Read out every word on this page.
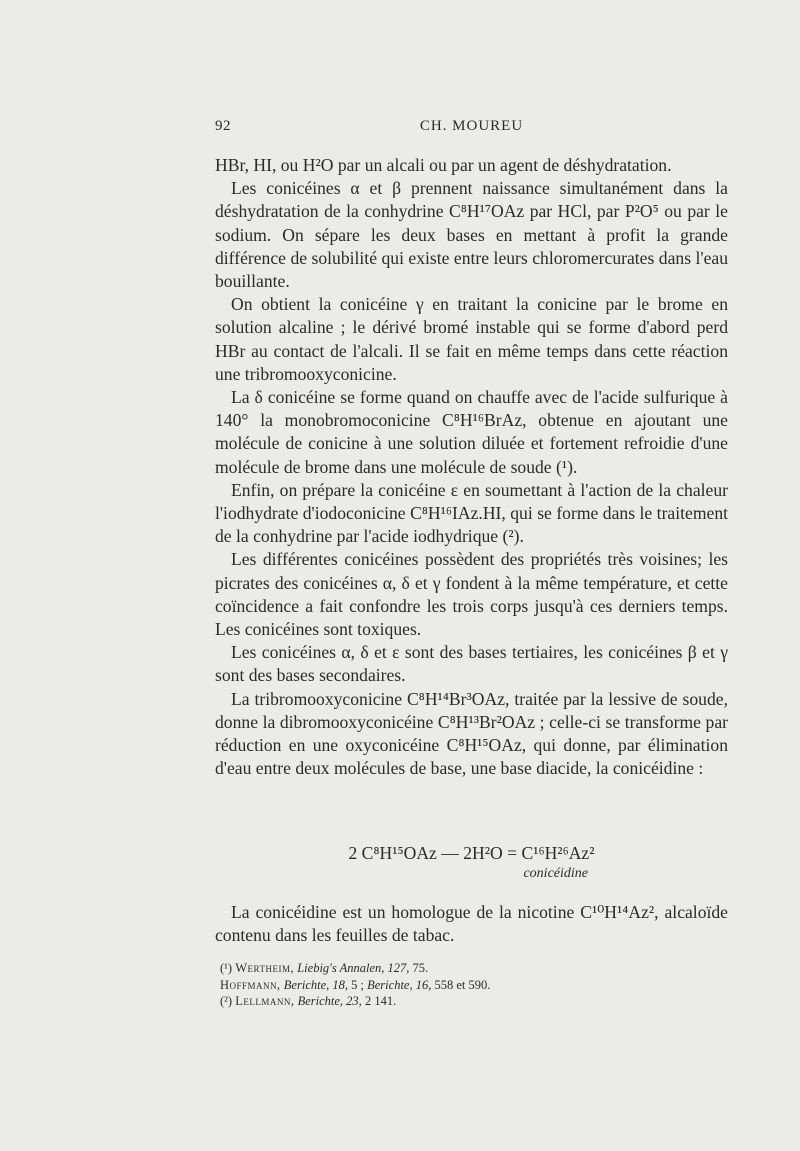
92	CH. MOUREU

HBr, HI, ou H²O par un alcali ou par un agent de déshydratation.

Les conicéines α et β prennent naissance simultanément dans la déshydratation de la conhydrine C⁸H¹⁷OAz par HCl, par P²O⁵ ou par le sodium. On sépare les deux bases en mettant à profit la grande différence de solubilité qui existe entre leurs chloromercurates dans l'eau bouillante.

On obtient la conicéine γ en traitant la conicine par le brome en solution alcaline ; le dérivé bromé instable qui se forme d'abord perd HBr au contact de l'alcali. Il se fait en même temps dans cette réaction une tribromooxyconicine.

La δ conicéine se forme quand on chauffe avec de l'acide sulfurique à 140° la monobromoconicine C⁸H¹⁶BrAz, obtenue en ajoutant une molécule de conicine à une solution diluée et fortement refroidie d'une molécule de brome dans une molécule de soude (¹).

Enfin, on prépare la conicéine ε en soumettant à l'action de la chaleur l'iodhydrate d'iodoconicine C⁸H¹⁶IAz.HI, qui se forme dans le traitement de la conhydrine par l'acide iodhydrique (²).

Les différentes conicéines possèdent des propriétés très voisines; les picrates des conicéines α, δ et γ fondent à la même température, et cette coïncidence a fait confondre les trois corps jusqu'à ces derniers temps. Les conicéines sont toxiques.

Les conicéines α, δ et ε sont des bases tertiaires, les conicéines β et γ sont des bases secondaires.

La tribromooxyconicine C⁸H¹⁴Br³OAz, traitée par la lessive de soude, donne la dibromooxyconicéine C⁸H¹³Br²OAz ; celle-ci se transforme par réduction en une oxyconicéine C⁸H¹⁵OAz, qui donne, par élimination d'eau entre deux molécules de base, une base diacide, la conicéidine :

2 C⁸H¹⁵OAz — 2H²O = C¹⁶H²⁶Az²
conicéidine

La conicéidine est un homologue de la nicotine C¹⁰H¹⁴Az², alcaloïde contenu dans les feuilles de tabac.

(¹) Wertheim, Liebig's Annalen, 127, 75.
Hoffmann, Berichte, 18, 5 ; Berichte, 16, 558 et 590.
(²) Lellmann, Berichte, 23, 2 141.
